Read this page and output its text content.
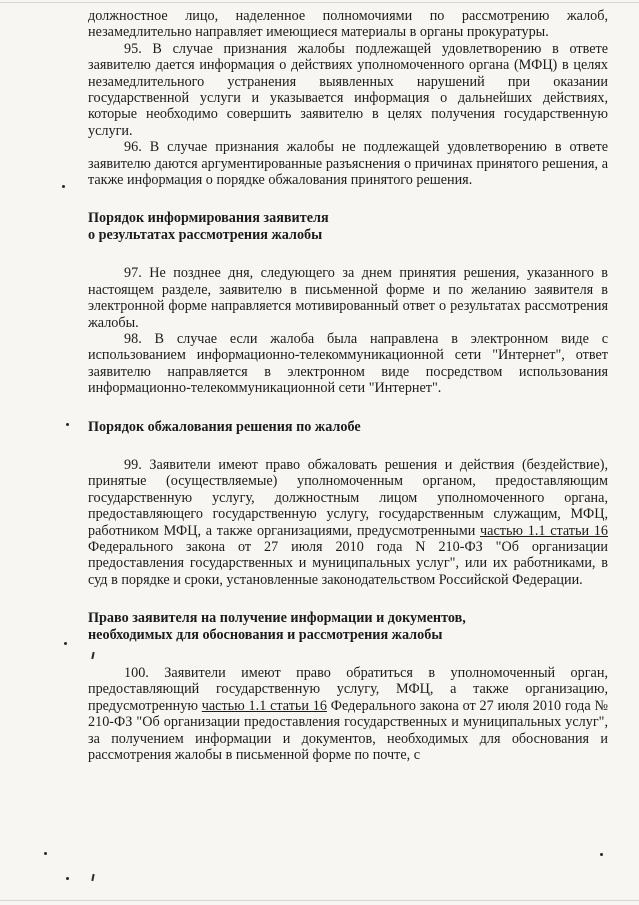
должностное лицо, наделенное полномочиями по рассмотрению жалоб, незамедлительно направляет имеющиеся материалы в органы прокуратуры.

95. В случае признания жалобы подлежащей удовлетворению в ответе заявителю дается информация о действиях уполномоченного органа (МФЦ) в целях незамедлительного устранения выявленных нарушений при оказании государственной услуги и указывается информация о дальнейших действиях, которые необходимо совершить заявителю в целях получения государственную услуги.

96. В случае признания жалобы не подлежащей удовлетворению в ответе заявителю даются аргументированные разъяснения о причинах принятого решения, а также информация о порядке обжалования принятого решения.

Порядок информирования заявителя

о результатах рассмотрения жалобы

97. Не позднее дня, следующего за днем принятия решения, указанного в настоящем разделе, заявителю в письменной форме и по желанию заявителя в электронной форме направляется мотивированный ответ о результатах рассмотрения жалобы.

98. В случае если жалоба была направлена в электронном виде с использованием информационно-телекоммуникационной сети "Интернет", ответ заявителю направляется в электронном виде посредством использования информационно-телекоммуникационной сети "Интернет".

Порядок обжалования решения по жалобе

99. Заявители имеют право обжаловать решения и действия (бездействие), принятые (осуществляемые) уполномоченным органом, предоставляющим государственную услугу, должностным лицом уполномоченного органа, предоставляющего государственную услугу, государственным служащим, МФЦ, работником МФЦ, а также организациями, предусмотренными частью 1.1 статьи 16 Федерального закона от 27 июля 2010 года N 210-ФЗ "Об организации предоставления государственных и муниципальных услуг", или их работниками, в суд в порядке и сроки, установленные законодательством Российской Федерации.

Право заявителя на получение информации и документов,

необходимых для обоснования и рассмотрения жалобы

100. Заявители имеют право обратиться в уполномоченный орган, предоставляющий государственную услугу, МФЦ, а также организацию, предусмотренную частью 1.1 статьи 16 Федерального закона от 27 июля 2010 года № 210-ФЗ "Об организации предоставления государственных и муниципальных услуг", за получением информации и документов, необходимых для обоснования и рассмотрения жалобы в письменной форме по почте, с
